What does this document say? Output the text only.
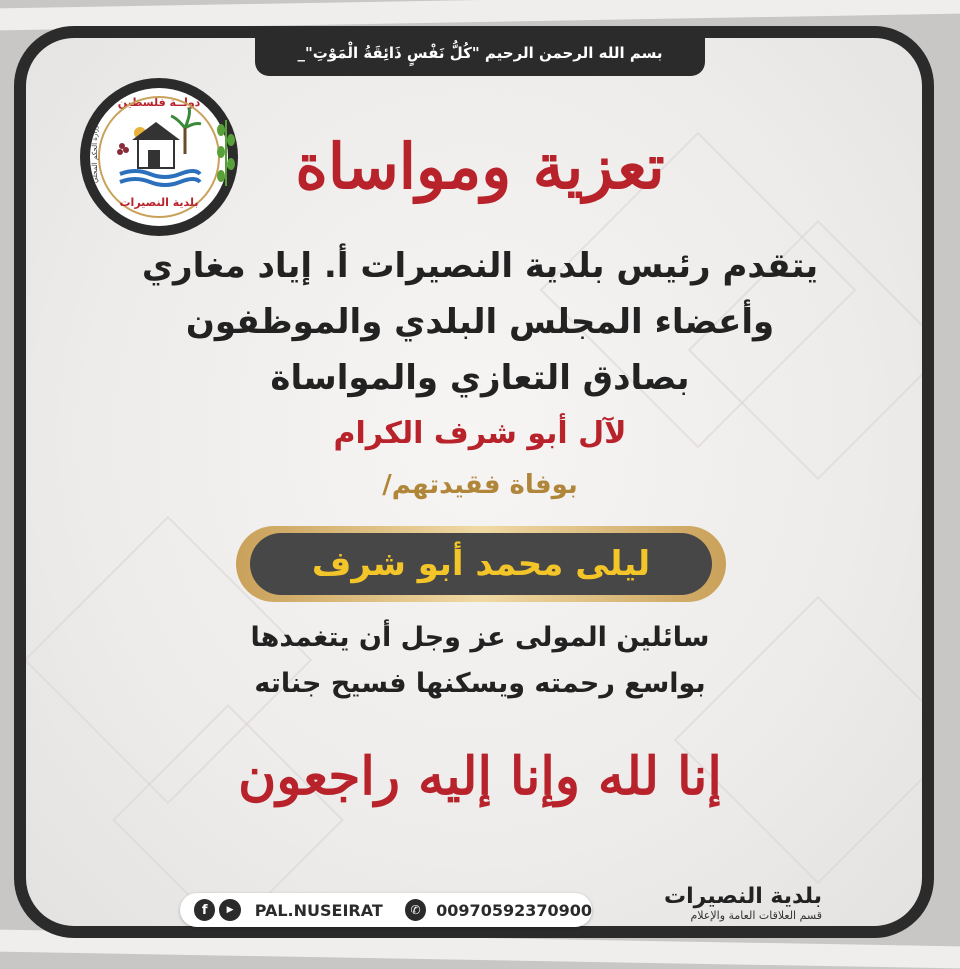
بسم الله الرحمن الرحيم "كُلُّ نَفْسٍ ذَائِقَةُ الْمَوْتِ"_
دولــة فلسطين
وزارة الحكم المحلي
بلدية النصيرات	تعزية ومواساة
يتقدم رئيس بلدية النصيرات أ. إياد مغاري
وأعضاء المجلس البلدي والموظفون
بصادق التعازي والمواساة
لآل أبو شرف الكرام
بوفاة فقيدتهم/
ليلى محمد أبو شرف
سائلين المولى عز وجل أن يتغمدها
بواسع رحمته ويسكنها فسيح جناته
إنا لله وإنا إليه راجعون
f	▶	PAL.NUSEIRAT	✆ 00970592370900
بلدية النصيرات
قسم العلاقات العامة والإعلام
